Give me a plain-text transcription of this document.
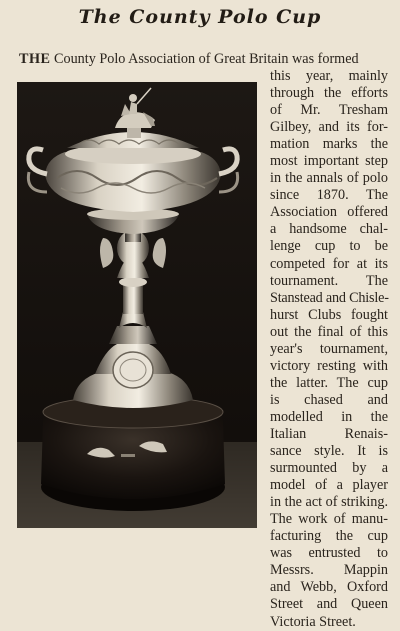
The County Polo Cup
THE County Polo Association of Great Britain was formed
this year, mainly
through the efforts
of Mr. Tresham
Gilbey, and its for-
mation marks the
most important step
in the annals of polo
since 1870. The
Association offered
a handsome chal-
lenge cup to be
competed for at its
tournament. The
Stanstead and Chisle-
hurst Clubs fought
out the final of this
year's tournament,
victory resting with
the latter. The cup
is chased and
modelled in the
Italian Renais-
sance style. It is
surmounted by a
model of a player
in the act of striking.
The work of manu-
facturing the cup
was entrusted to
Messrs. Mappin
and Webb, Oxford
Street and Queen
Victoria Street.
